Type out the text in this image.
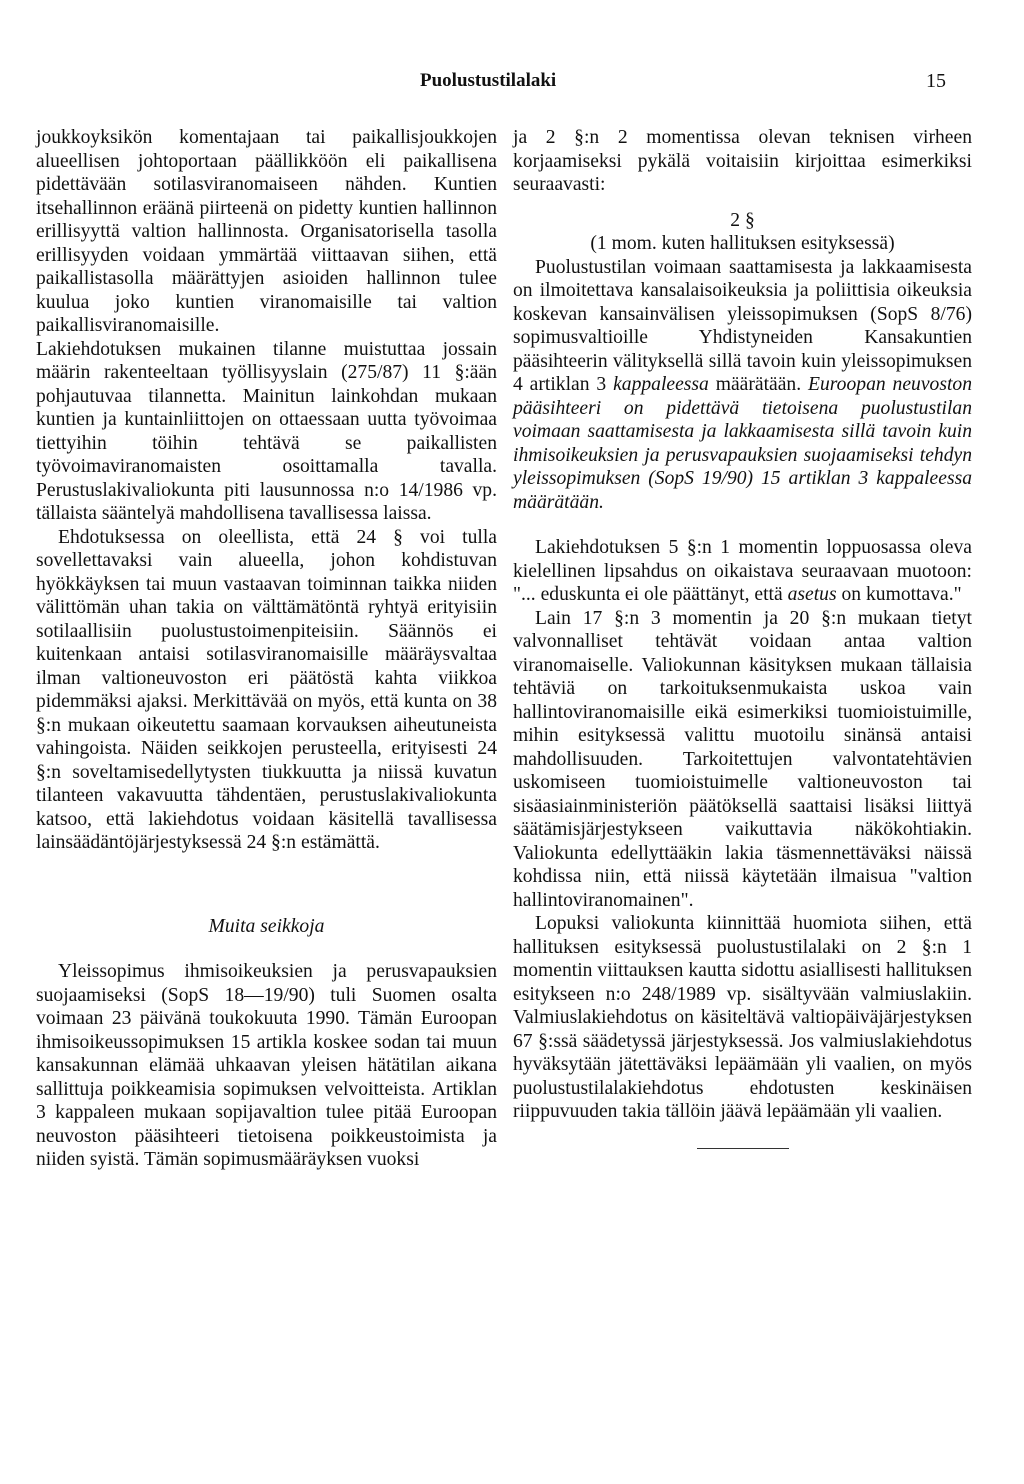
Puolustustilalaki	15

joukkoyksikön komentajaan tai paikallisjoukkojen alueellisen johtoportaan päällikköön eli paikallisena pidettävään sotilasviranomaiseen nähden. Kuntien itsehallinnon eräänä piirteenä on pidetty kuntien hallinnon erillisyyttä valtion hallinnosta. Organisatorisella tasolla erillisyyden voidaan ymmärtää viittaavan siihen, että paikallistasolla määrättyjen asioiden hallinnon tulee kuulua joko kuntien viranomaisille tai valtion paikallisviranomaisille.

Lakiehdotuksen mukainen tilanne muistuttaa jossain määrin rakenteeltaan työllisyyslain (275/87) 11 §:ään pohjautuvaa tilannetta. Mainitun lainkohdan mukaan kuntien ja kuntainliittojen on ottaessaan uutta työvoimaa tiettyihin töihin tehtävä se paikallisten työvoimaviranomaisten osoittamalla tavalla. Perustuslakivaliokunta piti lausunnossa n:o 14/1986 vp. tällaista sääntelyä mahdollisena tavallisessa laissa.

Ehdotuksessa on oleellista, että 24 § voi tulla sovellettavaksi vain alueella, johon kohdistuvan hyökkäyksen tai muun vastaavan toiminnan taikka niiden välittömän uhan takia on välttämätöntä ryhtyä erityisiin sotilaallisiin puolustustoimenpiteisiin. Säännös ei kuitenkaan antaisi sotilasviranomaisille määräysvaltaa ilman valtioneuvoston eri päätöstä kahta viikkoa pidemmäksi ajaksi. Merkittävää on myös, että kunta on 38 §:n mukaan oikeutettu saamaan korvauksen aiheutuneista vahingoista. Näiden seikkojen perusteella, erityisesti 24 §:n soveltamisedellytysten tiukkuutta ja niissä kuvatun tilanteen vakavuutta tähdentäen, perustuslakivaliokunta katsoo, että lakiehdotus voidaan käsitellä tavallisessa lainsäädäntöjärjestyksessä 24 §:n estämättä.

Muita seikkoja

Yleissopimus ihmisoikeuksien ja perusvapauksien suojaamiseksi (SopS 18—19/90) tuli Suomen osalta voimaan 23 päivänä toukokuuta 1990. Tämän Euroopan ihmisoikeussopimuksen 15 artikla koskee sodan tai muun kansakunnan elämää uhkaavan yleisen hätätilan aikana sallittuja poikkeamisia sopimuksen velvoitteista. Artiklan 3 kappaleen mukaan sopijavaltion tulee pitää Euroopan neuvoston pääsihteeri tietoisena poikkeustoimista ja niiden syistä. Tämän sopimusmääräyksen vuoksi

ja 2 §:n 2 momentissa olevan teknisen virheen korjaamiseksi pykälä voitaisiin kirjoittaa esimerkiksi seuraavasti:

2 §

(1 mom. kuten hallituksen esityksessä)

Puolustustilan voimaan saattamisesta ja lakkaamisesta on ilmoitettava kansalaisoikeuksia ja poliittisia oikeuksia koskevan kansainvälisen yleissopimuksen (SopS 8/76) sopimusvaltioille Yhdistyneiden Kansakuntien pääsihteerin välityksellä sillä tavoin kuin yleissopimuksen 4 artiklan 3 kappaleessa määrätään. Euroopan neuvoston pääsihteeri on pidettävä tietoisena puolustustilan voimaan saattamisesta ja lakkaamisesta sillä tavoin kuin ihmisoikeuksien ja perusvapauksien suojaamiseksi tehdyn yleissopimuksen (SopS 19/90) 15 artiklan 3 kappaleessa määrätään.

Lakiehdotuksen 5 §:n 1 momentin loppuosassa oleva kielellinen lipsahdus on oikaistava seuraavaan muotoon: "... eduskunta ei ole päättänyt, että asetus on kumottava."

Lain 17 §:n 3 momentin ja 20 §:n mukaan tietyt valvonnalliset tehtävät voidaan antaa valtion viranomaiselle. Valiokunnan käsityksen mukaan tällaisia tehtäviä on tarkoituksenmukaista uskoa vain hallintoviranomaisille eikä esimerkiksi tuomioistuimille, mihin esityksessä valittu muotoilu sinänsä antaisi mahdollisuuden. Tarkoitettujen valvontatehtävien uskomiseen tuomioistuimelle valtioneuvoston tai sisäasiainministeriön päätöksellä saattaisi lisäksi liittyä säätämisjärjestykseen vaikuttavia näkökohtiakin. Valiokunta edellyttääkin lakia täsmennettäväksi näissä kohdissa niin, että niissä käytetään ilmaisua "valtion hallintoviranomainen".

Lopuksi valiokunta kiinnittää huomiota siihen, että hallituksen esityksessä puolustustilalaki on 2 §:n 1 momentin viittauksen kautta sidottu asiallisesti hallituksen esitykseen n:o 248/1989 vp. sisältyvään valmiuslakiin. Valmiuslakiehdotus on käsiteltävä valtiopäiväjärjestyksen 67 §:ssä säädetyssä järjestyksessä. Jos valmiuslakiehdotus hyväksytään jätettäväksi lepäämään yli vaalien, on myös puolustustilalakiehdotus ehdotusten keskinäisen riippuvuuden takia tällöin jäävä lepäämään yli vaalien.
